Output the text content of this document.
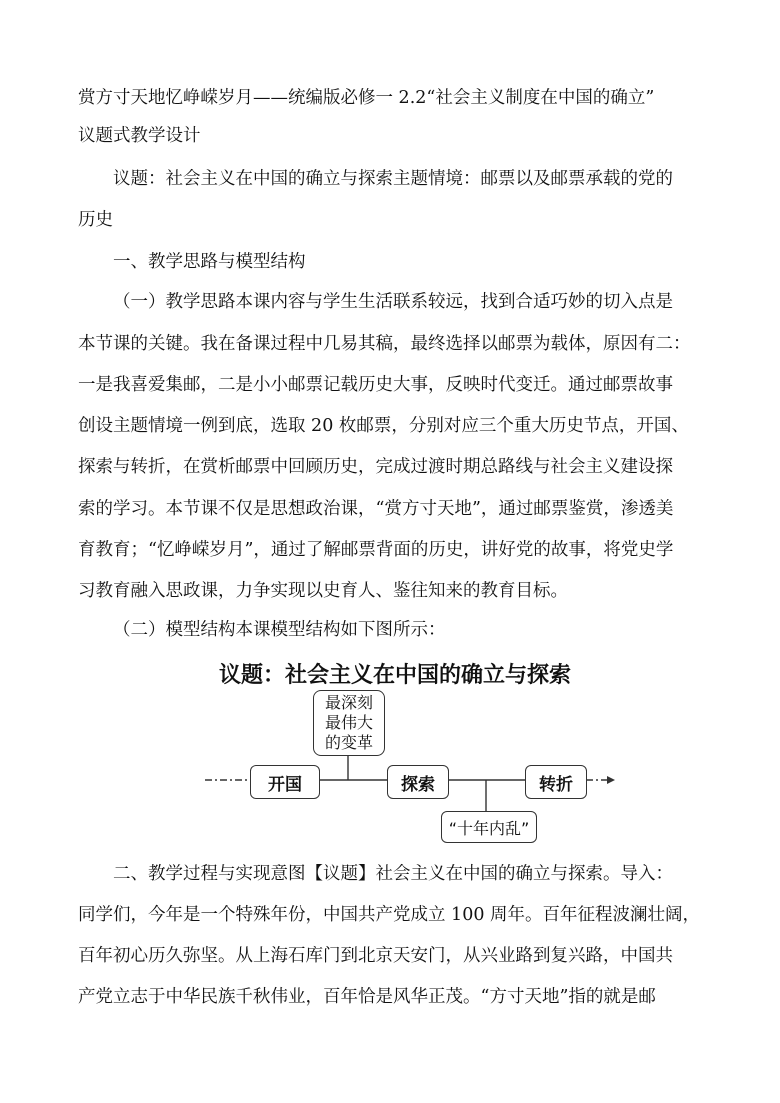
赏方寸天地忆峥嵘岁月——统编版必修一 2.2“社会主义制度在中国的确立”
议题式教学设计
议题：社会主义在中国的确立与探索主题情境：邮票以及邮票承载的党的
历史
一、教学思路与模型结构
（一）教学思路本课内容与学生生活联系较远，找到合适巧妙的切入点是
本节课的关键。我在备课过程中几易其稿，最终选择以邮票为载体，原因有二：
一是我喜爱集邮，二是小小邮票记载历史大事，反映时代变迁。通过邮票故事
创设主题情境一例到底，选取 20 枚邮票，分别对应三个重大历史节点，开国、
探索与转折，在赏析邮票中回顾历史，完成过渡时期总路线与社会主义建设探
索的学习。本节课不仅是思想政治课，“赏方寸天地”，通过邮票鉴赏，渗透美
育教育；“忆峥嵘岁月”，通过了解邮票背面的历史，讲好党的故事，将党史学
习教育融入思政课，力争实现以史育人、鉴往知来的教育目标。
（二）模型结构本课模型结构如下图所示：
议题：社会主义在中国的确立与探索
最深刻
最伟大
的变革
开国	探索	转折
“十年内乱”
二、教学过程与实现意图【议题】社会主义在中国的确立与探索。导入：
同学们，今年是一个特殊年份，中国共产党成立 100 周年。百年征程波澜壮阔，
百年初心历久弥坚。从上海石库门到北京天安门，从兴业路到复兴路，中国共
产党立志于中华民族千秋伟业，百年恰是风华正茂。“方寸天地”指的就是邮
